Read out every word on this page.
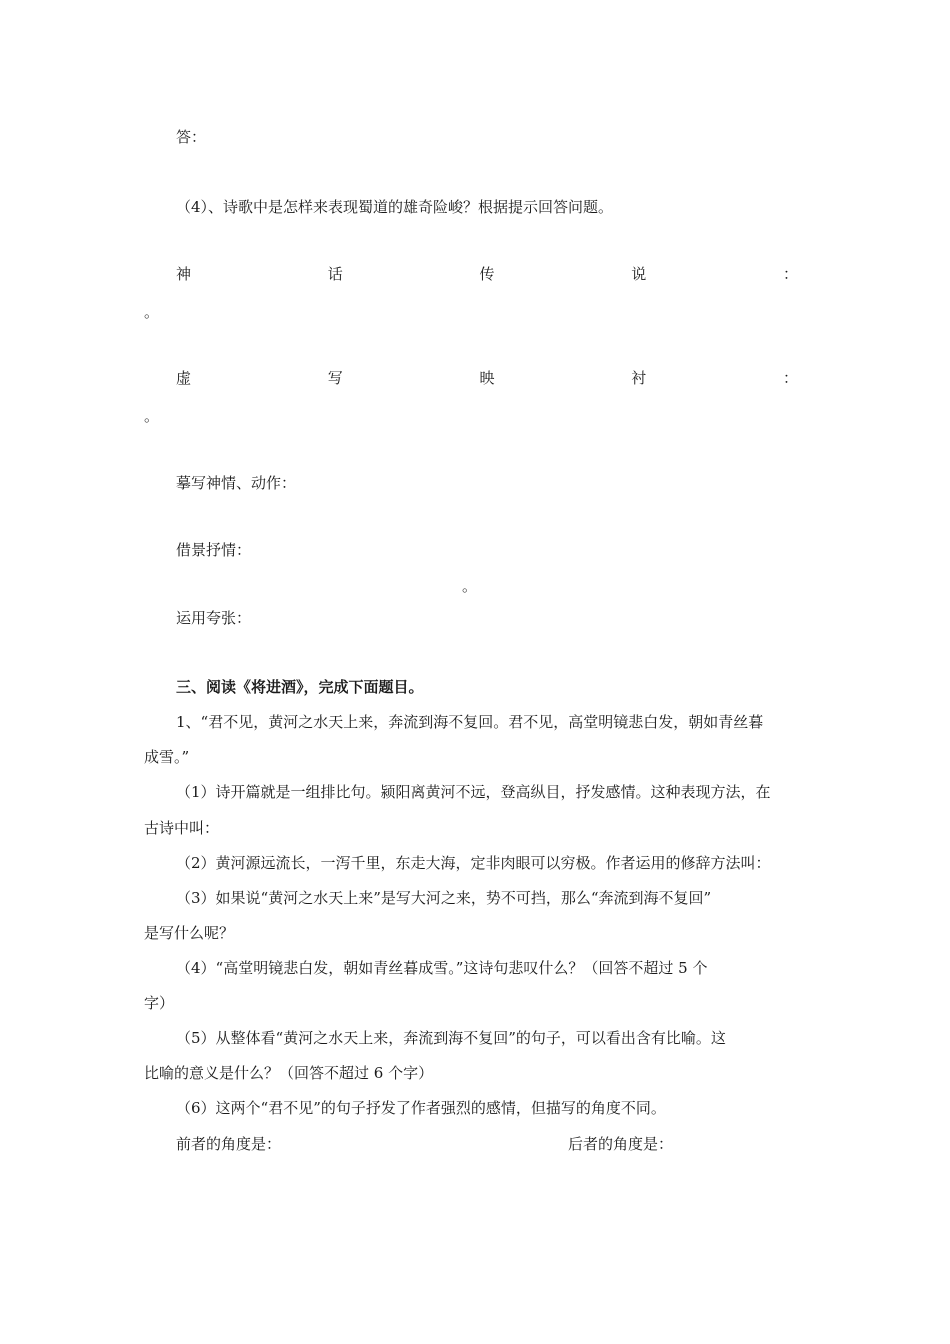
答：
（4）、诗歌中是怎样来表现蜀道的雄奇险峻？根据提示回答问题。
神	话	传	说	：
。
虚	写	映	衬	：
。
摹写神情、动作：
借景抒情：
。
运用夸张：
三、阅读《将进酒》，完成下面题目。
1、“君不见，黄河之水天上来，奔流到海不复回。君不见，高堂明镜悲白发，朝如青丝暮
成雪。”
（1）诗开篇就是一组排比句。颍阳离黄河不远，登高纵目，抒发感情。这种表现方法，在
古诗中叫：
（2）黄河源远流长，一泻千里，东走大海，定非肉眼可以穷极。作者运用的修辞方法叫：
（3）如果说“黄河之水天上来”是写大河之来，势不可挡，那么“奔流到海不复回”
是写什么呢？
（4）“高堂明镜悲白发，朝如青丝暮成雪。”这诗句悲叹什么？（回答不超过 5 个
字）
（5）从整体看“黄河之水天上来，奔流到海不复回”的句子，可以看出含有比喻。这
比喻的意义是什么？（回答不超过 6 个字）
（6）这两个“君不见”的句子抒发了作者强烈的感情，但描写的角度不同。
前者的角度是：	后者的角度是：
